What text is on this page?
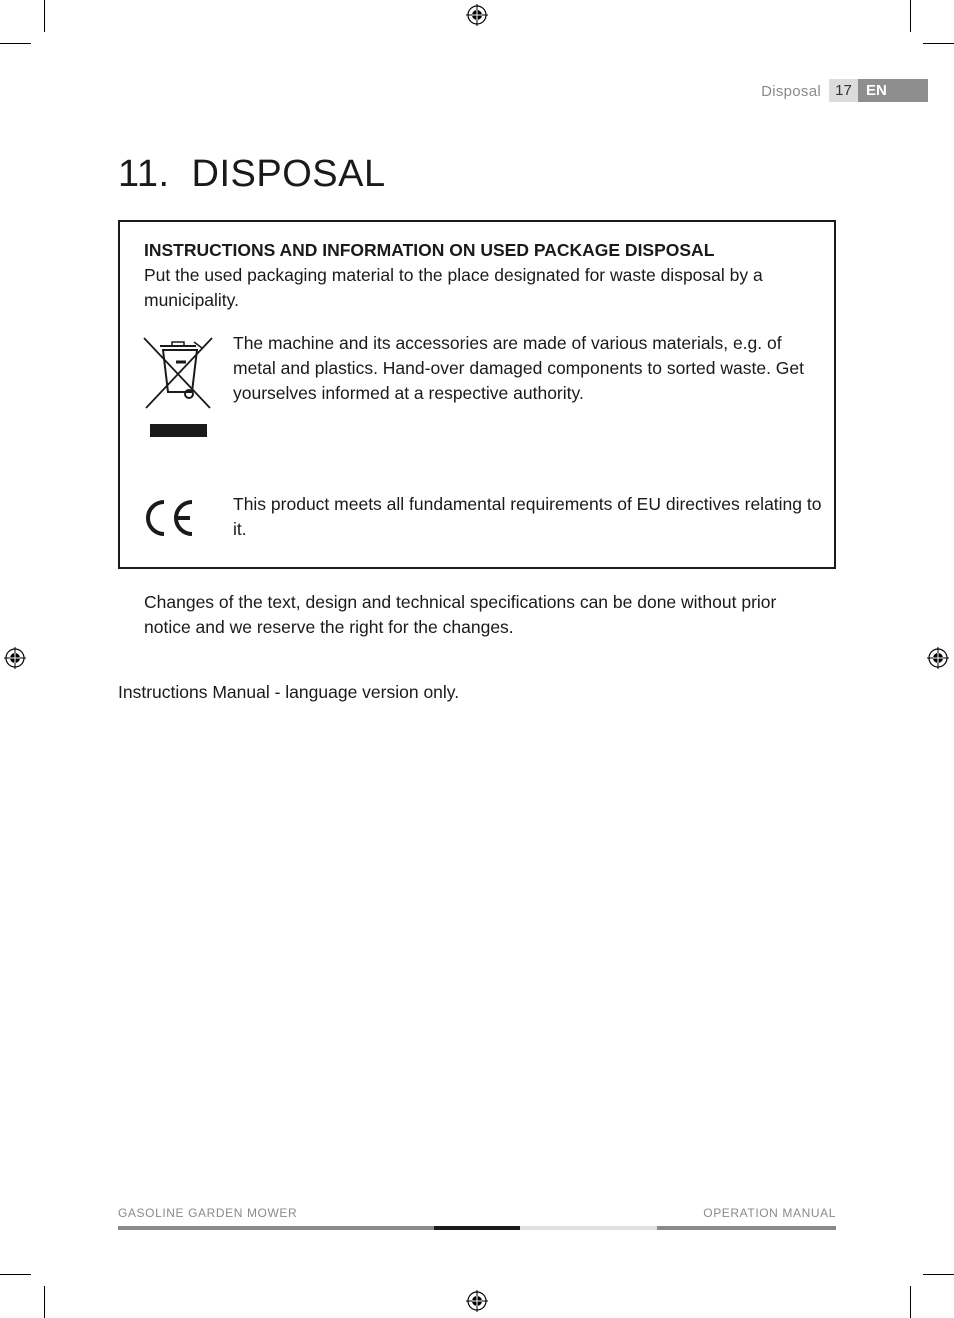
Disposal 17 EN
11. DISPOSAL
INSTRUCTIONS AND INFORMATION ON USED PACKAGE DISPOSAL
Put the used packaging material to the place designated for waste disposal by a municipality.
The machine and its accessories are made of various materials, e.g. of metal and plastics. Hand-over damaged components to sorted waste. Get yourselves informed at a respective authority.
This product meets all fundamental requirements of EU directives relating to it.
Changes of the text, design and technical specifications can be done without prior notice and we reserve the right for the changes.
Instructions Manual - language version only.
GASOLINE GARDEN MOWER	OPERATION MANUAL
